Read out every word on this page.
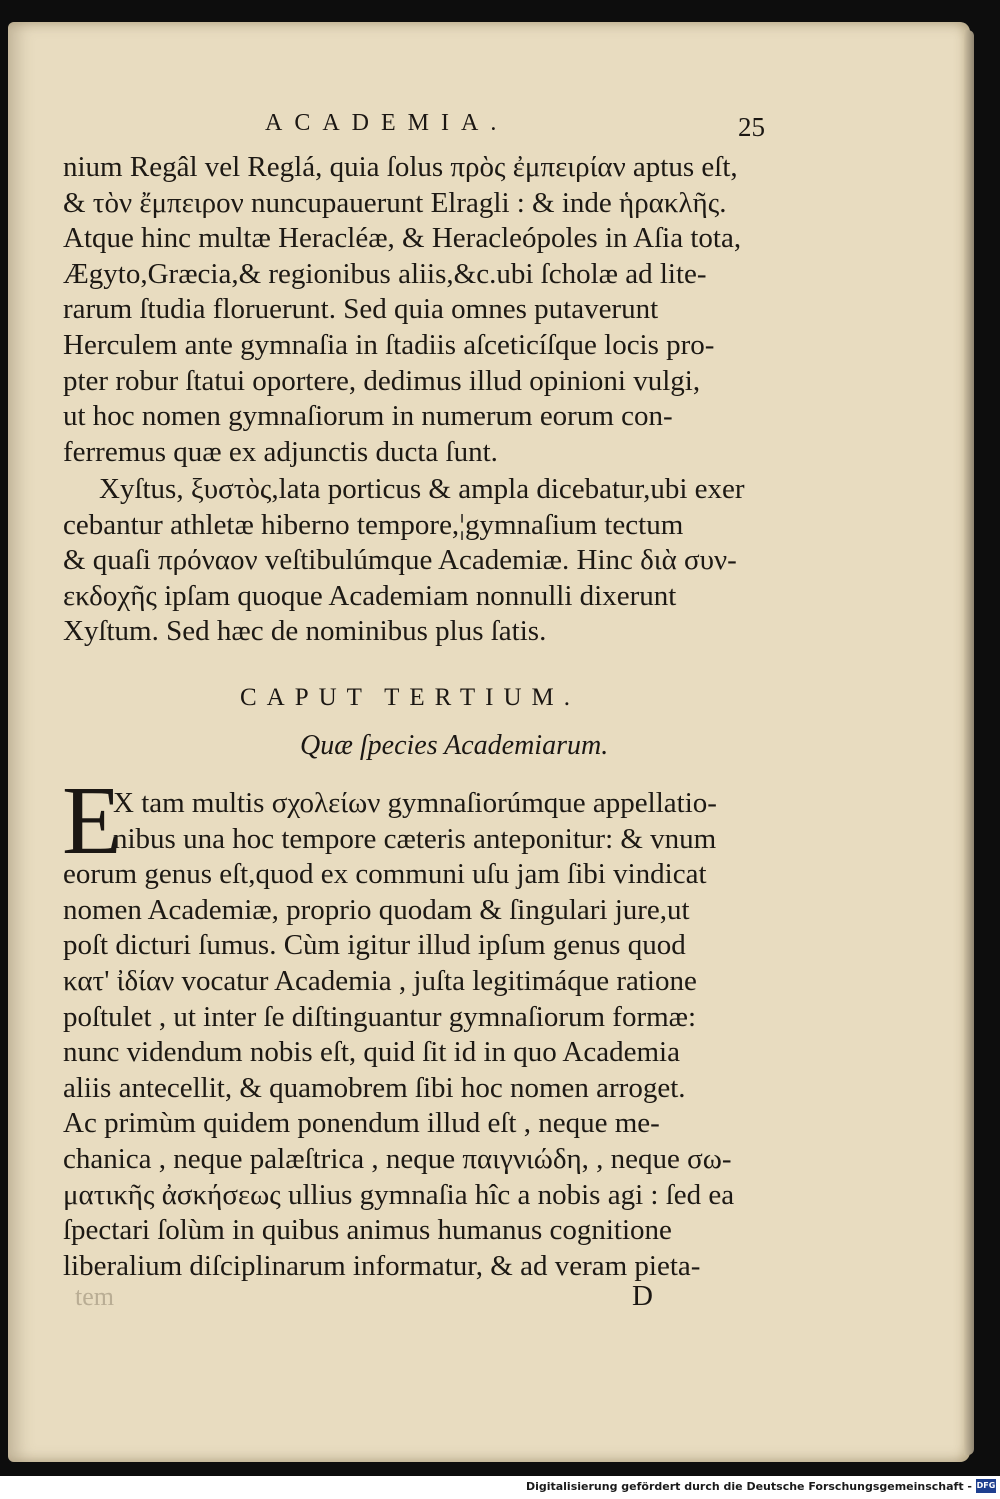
ACADEMIA.	25
nium Regâl vel Reglá, quia ſolus πρὸς ἐμπειρίαν aptus eſt,
& τὸν ἔμπειρον nuncupauerunt Elragli : & inde ἡρακλῆς.
Atque hinc multæ Heracléæ, & Heracleópoles in Aſia tota,
Ægyto,Græcia,& regionibus aliis,&c.ubi ſcholæ ad lite-
rarum ſtudia floruerunt. Sed quia omnes putaverunt
Herculem ante gymnaſia in ſtadiis aſceticíſque locis pro-
pter robur ſtatui oportere, dedimus illud opinioni vulgi,
ut hoc nomen gymnaſiorum in numerum eorum con-
ferremus quæ ex adjunctis ducta ſunt.
Xyſtus, ξυστὸς,lata porticus & ampla dicebatur,ubi exer
cebantur athletæ hiberno tempore,¦gymnaſium tectum
& quaſi πρόναον veſtibulúmque Academiæ. Hinc διὰ συν-
εκδοχῆς ipſam quoque Academiam nonnulli dixerunt
Xyſtum. Sed hæc de nominibus plus ſatis.
CAPUT TERTIUM.
Quæ ſpecies Academiarum.
E
X tam multis σχολείων gymnaſiorúmque appellatio-
nibus una hoc tempore cæteris anteponitur: & vnum
eorum genus eſt,quod ex communi uſu jam ſibi vindicat
nomen Academiæ, proprio quodam & ſingulari jure,ut
poſt dicturi ſumus. Cùm igitur illud ipſum genus quod
κατ' ἰδίαν vocatur Academia , juſta legitimáque ratione
poſtulet , ut inter ſe diſtinguantur gymnaſiorum formæ:
nunc videndum nobis eſt, quid ſit id in quo Academia
aliis antecellit, & quamobrem ſibi hoc nomen arroget.
Ac primùm quidem ponendum illud eſt , neque me-
chanica , neque palæſtrica , neque παιγνιώδη, , neque σω-
ματικῆς ἀσκήσεως ullius gymnaſia hîc a nobis agi : ſed ea
ſpectari ſolùm in quibus animus humanus cognitione
liberalium diſciplinarum informatur, & ad veram pieta-
tem	D
Digitalisierung gefördert durch die Deutsche Forschungsgemeinschaft - DFG
